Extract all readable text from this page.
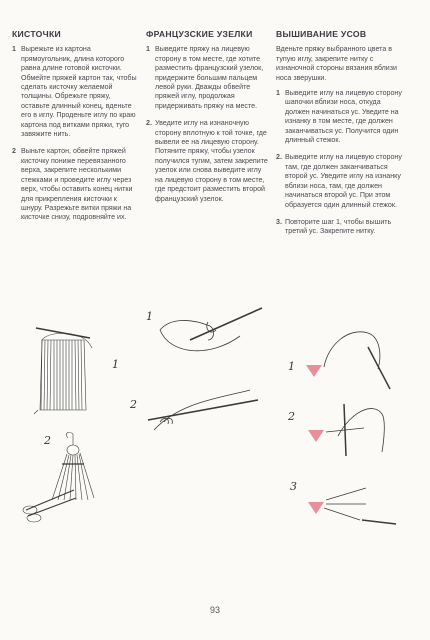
КИСТОЧКИ
1 Вырежьте из картона прямоугольник, длина которого равна длине готовой кисточки. Обмейте пряжей картон так, чтобы сделать кисточку желаемой толщины. Обрежьте пряжу, оставьте длинный конец, вденьте его в иглу. Проденьте иглу по краю картона под витками пряжи, туго завяжите нить.
2 Выньте картон, обвейте пряжей кисточку пониже перевязанного верха, закрепите несколькими стежками и проведите иглу через верх, чтобы оставить конец нитки для прикрепления кисточки к шнуру. Разрежьте витки пряжи на кисточке снизу, подровняйте их.
ФРАНЦУЗСКИЕ УЗЕЛКИ
1 Выведите пряжу на лицевую сторону в том месте, где хотите разместить французский узелок, придержите большим пальцем левой руки. Дважды обвейте пряжей иглу, продолжая придерживать пряжу на месте.
2. Уведите иглу на изнаночную сторону вплотную к той точке, где вывели ее на лицевую сторону. Потяните пряжу, чтобы узелок получился тугим, затем закрепите узелок или снова выведите иглу на лицевую сторону в том месте, где предстоит разместить второй французский узелок.
ВЫШИВАНИЕ УСОВ
Вденьте пряжу выбранного цвета в тупую иглу, закрепите нитку с изнаночной стороны вязания вблизи носа зверушки.
1 Выведите иглу на лицевую сторону шапочки вблизи носа, откуда должен начинаться ус. Уведите на изнанку в том месте, где должен заканчиваться ус. Получится один длинный стежок.
2. Выведите иглу на лицевую сторону там, где должен заканчиваться второй ус. Уведите иглу на изнанку вблизи носа, там, где должен начинаться второй ус. При этом образуется один длинный стежок.
3. Повторите шаг 1, чтобы вышить третий ус. Закрепите нитку.
1
2
1
2
1
2
3
93
